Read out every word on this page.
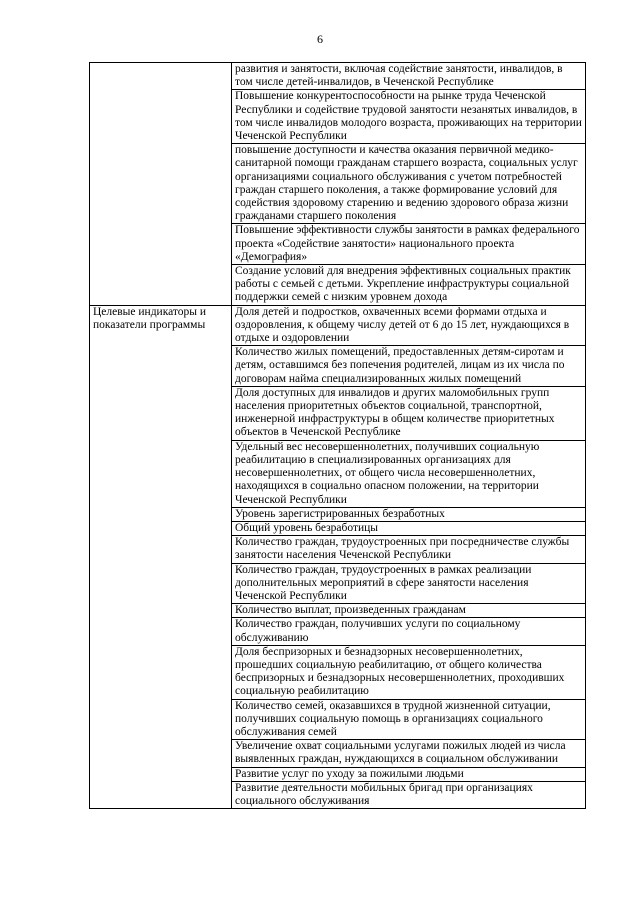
6

	развития и занятости, включая содействие занятости, инвалидов, в том числе детей-инвалидов, в Чеченской Республике

	Повышение конкурентоспособности на рынке труда Чеченской Республики и содействие трудовой занятости незанятых инвалидов, в том числе инвалидов молодого возраста, проживающих на территории Чеченской Республики

	повышение доступности и качества оказания первичной медико-санитарной помощи гражданам старшего возраста, социальных услуг организациями социального обслуживания с учетом потребностей граждан старшего поколения, а также формирование условий для содействия здоровому старению и ведению здорового образа жизни гражданами старшего поколения

	Повышение эффективности службы занятости в рамках федерального проекта «Содействие занятости» национального проекта «Демография»

	Создание условий для внедрения эффективных социальных практик работы с семьей с детьми. Укрепление инфраструктуры социальной поддержки семей с низким уровнем дохода

Целевые индикаторы и показатели программы	Доля детей и подростков, охваченных всеми формами отдыха и оздоровления, к общему числу детей от 6 до 15 лет, нуждающихся в отдыхе и оздоровлении

	Количество жилых помещений, предоставленных детям-сиротам и детям, оставшимся без попечения родителей, лицам из их числа по договорам найма специализированных жилых помещений

	Доля доступных для инвалидов и других маломобильных групп населения приоритетных объектов социальной, транспортной, инженерной инфраструктуры в общем количестве приоритетных объектов в Чеченской Республике

	Удельный вес несовершеннолетних, получивших социальную реабилитацию в специализированных организациях для несовершеннолетних, от общего числа несовершеннолетних, находящихся в социально опасном положении, на территории Чеченской Республики

	Уровень зарегистрированных безработных

	Общий уровень безработицы

	Количество граждан, трудоустроенных при посредничестве службы занятости населения Чеченской Республики

	Количество граждан, трудоустроенных в рамках реализации дополнительных мероприятий в сфере занятости населения Чеченской Республики

	Количество выплат, произведенных гражданам

	Количество граждан, получивших услуги по социальному обслуживанию

	Доля беспризорных и безнадзорных несовершеннолетних, прошедших социальную реабилитацию, от общего количества беспризорных и безнадзорных несовершеннолетних, проходивших социальную реабилитацию

	Количество семей, оказавшихся в трудной жизненной ситуации, получивших социальную помощь в организациях социального обслуживания семей

	Увеличение охват социальными услугами пожилых людей из числа выявленных граждан, нуждающихся в социальном обслуживании

	Развитие услуг по уходу за пожилыми людьми

	Развитие деятельности мобильных бригад при организациях социального обслуживания
